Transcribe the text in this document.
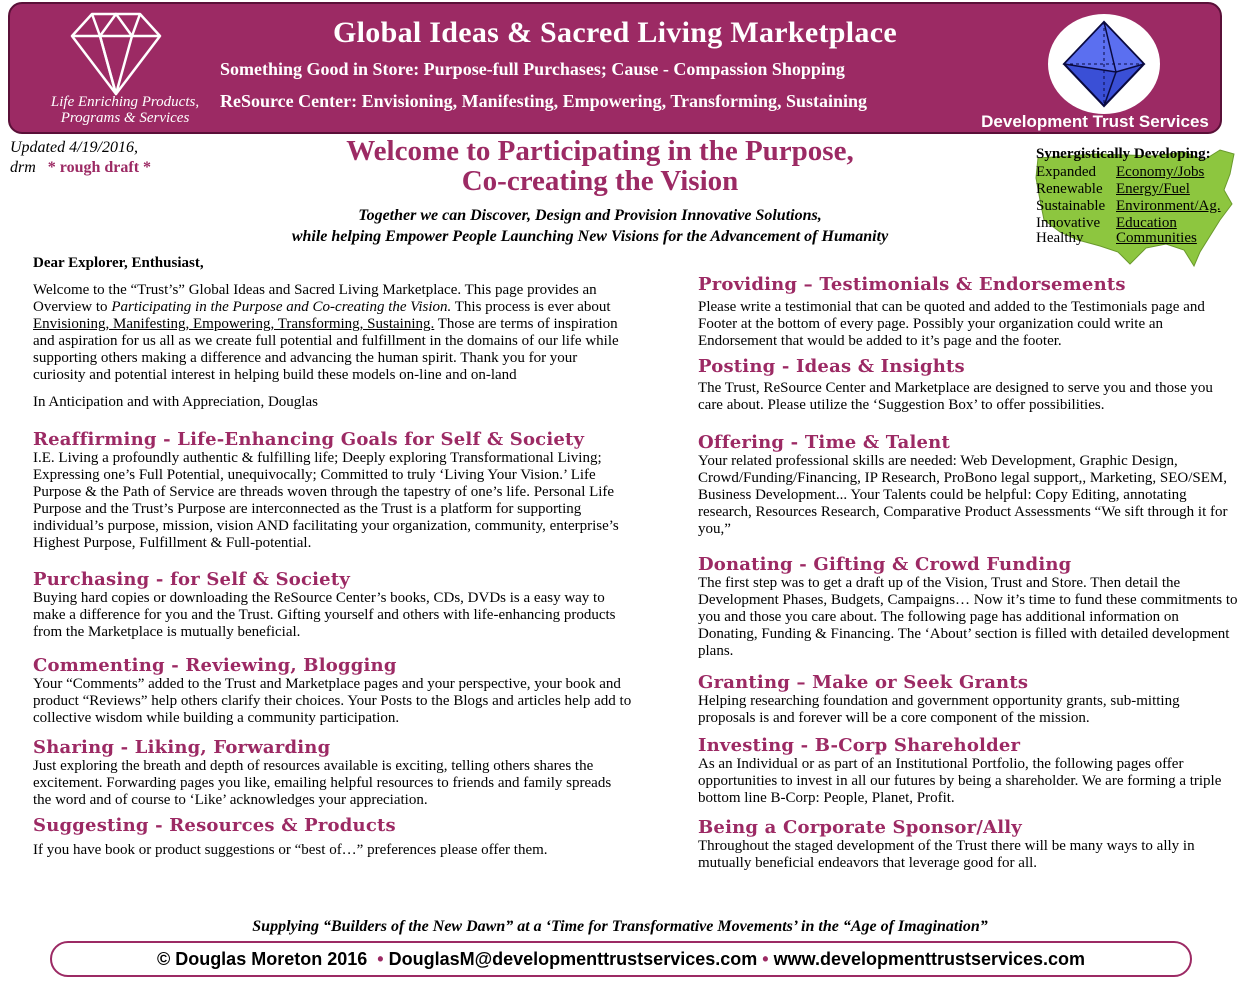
Life Enriching Products,
Programs & Services
Global Ideas & Sacred Living Marketplace
Something Good in Store: Purpose-full Purchases; Cause - Compassion Shopping
ReSource Center: Envisioning, Manifesting, Empowering, Transforming, Sustaining
Development Trust Services
Updated 4/19/2016,
drm * rough draft *
Welcome to Participating in the Purpose,
Co-creating the Vision
Together we can Discover, Design and Provision Innovative Solutions,
while helping Empower People Launching New Visions for the Advancement of Humanity
Synergistically Developing:
Expanded Economy/Jobs
Renewable Energy/Fuel
Sustainable Environment/Ag.
Innovative Education
Healthy Communities
Dear Explorer, Enthusiast,
Welcome to the “Trust’s” Global Ideas and Sacred Living Marketplace. This page provides an Overview to Participating in the Purpose and Co-creating the Vision. This process is ever about Envisioning, Manifesting, Empowering, Transforming, Sustaining. Those are terms of inspiration and aspiration for us all as we create full potential and fulfillment in the domains of our life while supporting others making a difference and advancing the human spirit. Thank you for your curiosity and potential interest in helping build these models on-line and on-land
In Anticipation and with Appreciation, Douglas
Reaffirming - Life-Enhancing Goals for Self & Society
I.E. Living a profoundly authentic & fulfilling life; Deeply exploring Transformational Living; Expressing one’s Full Potential, unequivocally; Committed to truly ‘Living Your Vision.’ Life Purpose & the Path of Service are threads woven through the tapestry of one’s life. Personal Life Purpose and the Trust’s Purpose are interconnected as the Trust is a platform for supporting individual’s purpose, mission, vision AND facilitating your organization, community, enterprise’s Highest Purpose, Fulfillment & Full-potential.
Purchasing - for Self & Society
Buying hard copies or downloading the ReSource Center’s books, CDs, DVDs is a easy way to make a difference for you and the Trust. Gifting yourself and others with life-enhancing products from the Marketplace is mutually beneficial.
Commenting - Reviewing, Blogging
Your “Comments” added to the Trust and Marketplace pages and your perspective, your book and product “Reviews” help others clarify their choices. Your Posts to the Blogs and articles help add to collective wisdom while building a community participation.
Sharing - Liking, Forwarding
Just exploring the breath and depth of resources available is exciting, telling others shares the excitement. Forwarding pages you like, emailing helpful resources to friends and family spreads the word and of course to ‘Like’ acknowledges your appreciation.
Suggesting - Resources & Products
If you have book or product suggestions or “best of…” preferences please offer them.
Providing – Testimonials & Endorsements
Please write a testimonial that can be quoted and added to the Testimonials page and Footer at the bottom of every page. Possibly your organization could write an Endorsement that would be added to it’s page and the footer.
Posting - Ideas & Insights
The Trust, ReSource Center and Marketplace are designed to serve you and those you care about. Please utilize the ‘Suggestion Box’ to offer possibilities.
Offering - Time & Talent
Your related professional skills are needed: Web Development, Graphic Design, Crowd/Funding/Financing, IP Research, ProBono legal support,, Marketing, SEO/SEM, Business Development... Your Talents could be helpful: Copy Editing, annotating research, Resources Research, Comparative Product Assessments “We sift through it for you,”
Donating - Gifting & Crowd Funding
The first step was to get a draft up of the Vision, Trust and Store. Then detail the Development Phases, Budgets, Campaigns… Now it’s time to fund these commitments to you and those you care about. The following page has additional information on Donating, Funding & Financing. The ‘About’ section is filled with detailed development plans.
Granting – Make or Seek Grants
Helping researching foundation and government opportunity grants, sub-mitting proposals is and forever will be a core component of the mission.
Investing - B-Corp Shareholder
As an Individual or as part of an Institutional Portfolio, the following pages offer opportunities to invest in all our futures by being a shareholder. We are forming a triple bottom line B-Corp: People, Planet, Profit.
Being a Corporate Sponsor/Ally
Throughout the staged development of the Trust there will be many ways to ally in mutually beneficial endeavors that leverage good for all.
Supplying “Builders of the New Dawn” at a ‘Time for Transformative Movements’ in the “Age of Imagination”
© Douglas Moreton 2016 • DouglasM@developmenttrustservices.com • www.developmenttrustservices.com
